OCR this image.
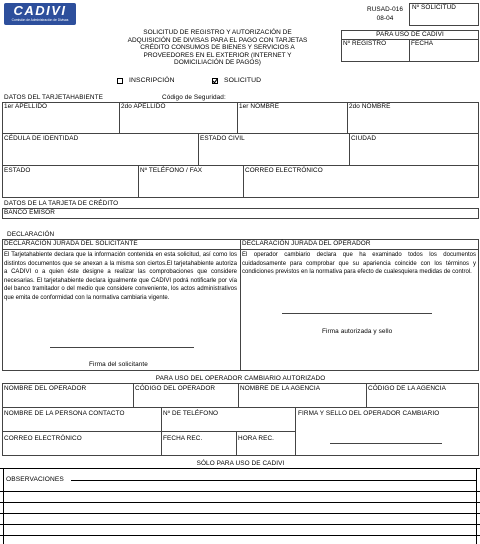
CADIVI
Comisión de Administración de Divisas
SOLICITUD DE REGISTRO Y AUTORIZACIÓN DE
ADQUISICIÓN DE DIVISAS PARA EL PAGO CON TARJETAS
CRÉDITO CONSUMOS DE BIENES Y SERVICIOS A
PROVEEDORES EN EL EXTERIOR (INTERNET Y
DOMICILIACIÓN DE PAGOS)
RUSAD-016
08-04
Nº SOLICITUD
PARA USO DE CADIVI
Nº REGISTRO	FECHA
INSCRIPCIÓN	SOLICITUD
DATOS DEL TARJETAHABIENTE	Código de Seguridad:
1er APELLIDO	2do APELLIDO	1er NOMBRE	2do NOMBRE
CÉDULA DE IDENTIDAD	ESTADO CIVIL	CIUDAD
ESTADO	Nº TELÉFONO / FAX	CORREO ELECTRÓNICO
DATOS DE LA TARJETA DE CRÉDITO
BANCO EMISOR
DECLARACIÓN
DECLARACIÓN JURADA DEL SOLICITANTE	DECLARACIÓN JURADA DEL OPERADOR
El Tarjetahabiente declara que la información contenida en esta solicitud, así como los distintos documentos que se anexan a la misma son ciertos.El tarjetahabiente autoriza a CADIVI o a quien éste designe a realizar las comprobaciones que considere necesarias. El tarjetahabiente declara igualmente que CADIVI podrá notificarle por vía del banco tramitador o del medio que considere conveniente, los actos administrativos que emita de conformidad con la normativa cambiaria vigente.
Firma del solicitante
El operador cambiario declara que ha examinado todos los documentos cuidadosamente para comprobar que su apariencia coincide con los términos y condiciones previstos en la normativa para efecto de cualesquiera medidas de control.
Firma autorizada y sello
PARA USO DEL OPERADOR CAMBIARIO AUTORIZADO
NOMBRE DEL OPERADOR	CÓDIGO DEL OPERADOR	NOMBRE DE LA AGENCIA	CÓDIGO DE LA AGENCIA
NOMBRE DE LA PERSONA CONTACTO	Nº DE TELÉFONO	FIRMA Y SELLO DEL OPERADOR CAMBIARIO
CORREO ELECTRÓNICO	FECHA REC.	HORA REC.
SÓLO PARA USO DE CADIVI
OBSERVACIONES
